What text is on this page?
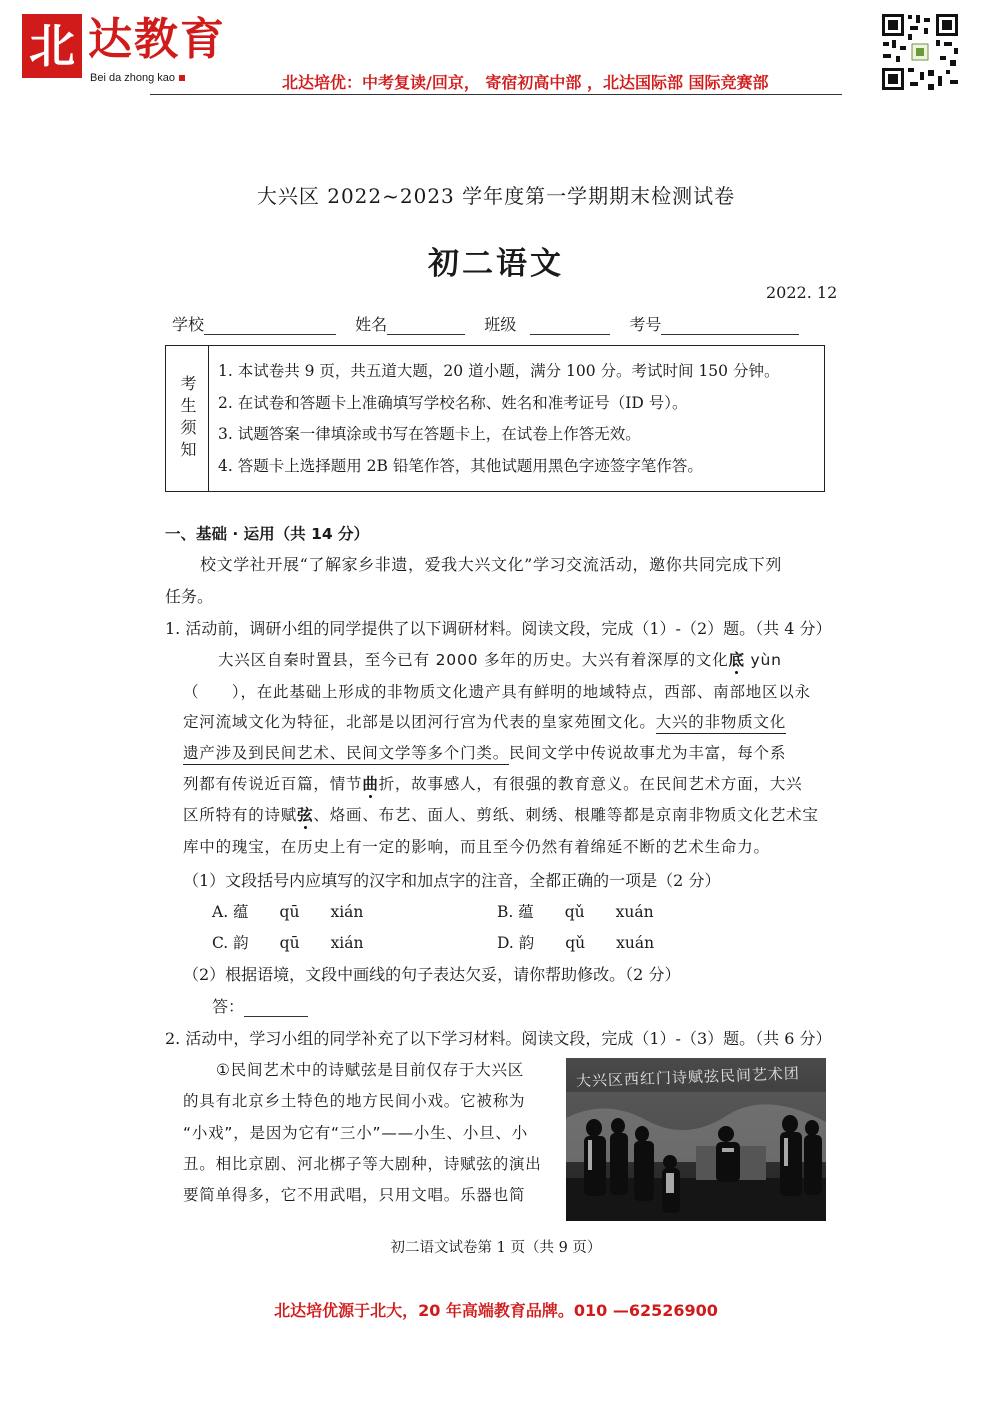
北 达教育
Bei da zhong kao	北达培优：中考复读/回京， 寄宿初高中部 ，北达国际部 国际竞赛部
大兴区 2022~2023 学年度第一学期期末检测试卷
初二语文
2022. 12
学校	姓名	班级	考号
考生须知
1. 本试卷共 9 页，共五道大题，20 道小题，满分 100 分。考试时间 150 分钟。
2. 在试卷和答题卡上准确填写学校名称、姓名和准考证号（ID 号）。
3. 试题答案一律填涂或书写在答题卡上，在试卷上作答无效。
4. 答题卡上选择题用 2B 铅笔作答，其他试题用黑色字迹签字笔作答。
一、基础 · 运用（共 14 分）
校文学社开展“了解家乡非遗，爱我大兴文化”学习交流活动，邀你共同完成下列
任务。
1. 活动前，调研小组的同学提供了以下调研材料。阅读文段，完成（1）-（2）题。（共 4 分）
大兴区自秦时置县，至今已有 2000 多年的历史。大兴有着深厚的文化底 yùn
（　　），在此基础上形成的非物质文化遗产具有鲜明的地域特点，西部、南部地区以永
定河流域文化为特征，北部是以团河行宫为代表的皇家苑囿文化。大兴的非物质文化
遗产涉及到民间艺术、民间文学等多个门类。民间文学中传说故事尤为丰富，每个系
列都有传说近百篇，情节曲折，故事感人，有很强的教育意义。在民间艺术方面，大兴
区所特有的诗赋弦、烙画、布艺、面人、剪纸、刺绣、根雕等都是京南非物质文化艺术宝
库中的瑰宝，在历史上有一定的影响，而且至今仍然有着绵延不断的艺术生命力。
（1）文段括号内应填写的汉字和加点字的注音，全都正确的一项是（2 分）
A. 蕴　　qū　　xián	B. 蕴　　qǔ　　xuán
C. 韵　　qū　　xián	D. 韵　　qǔ　　xuán
（2）根据语境，文段中画线的句子表达欠妥，请你帮助修改。（2 分）
答：
2. 活动中，学习小组的同学补充了以下学习材料。阅读文段，完成（1）-（3）题。（共 6 分）
①民间艺术中的诗赋弦是目前仅存于大兴区
的具有北京乡土特色的地方民间小戏。它被称为
“小戏”，是因为它有“三小”——小生、小旦、小
丑。相比京剧、河北梆子等大剧种，诗赋弦的演出
要简单得多，它不用武唱，只用文唱。乐器也简
大兴区西红门诗赋弦民间艺术团
初二语文试卷第 1 页（共 9 页）
北达培优源于北大，20 年高端教育品牌。010 —62526900
